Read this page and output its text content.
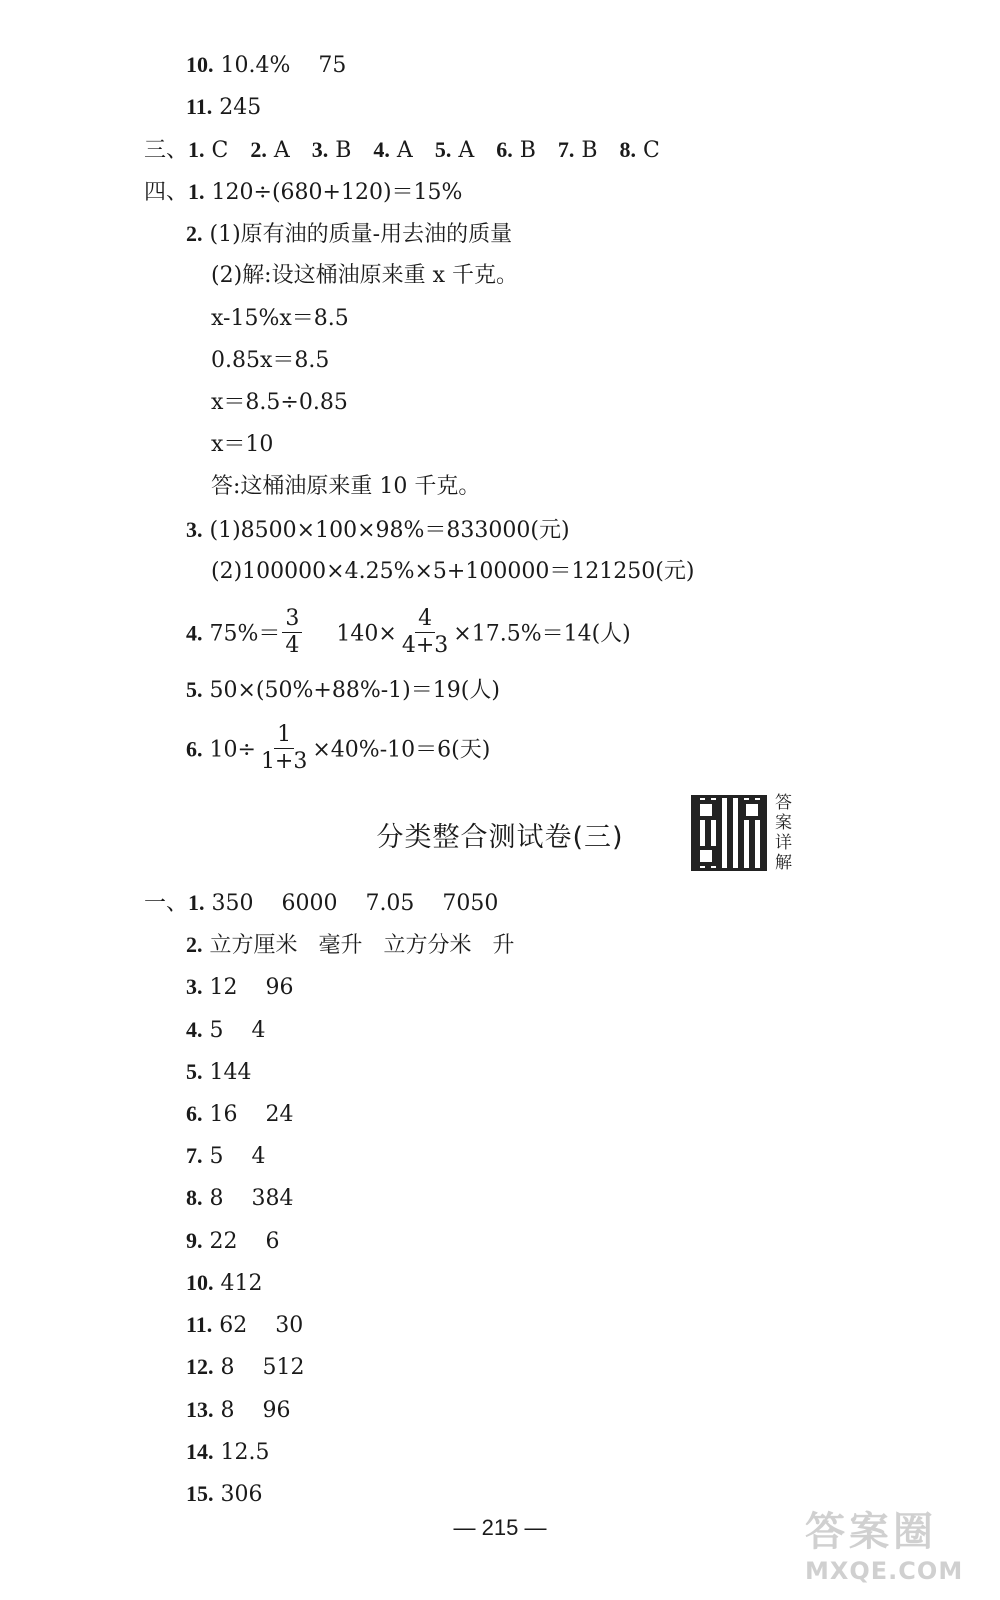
10. 10.4%    75
11. 245
三、1. C 2. A 3. B 4. A 5. A 6. B 7. B 8. C
四、1. 120÷(680+120)＝15%
2. (1)原有油的质量-用去油的质量
(2)解:设这桶油原来重 x 千克。
x-15%x＝8.5
0.85x＝8.5
x＝8.5÷0.85
x＝10
答:这桶油原来重 10 千克。
3. (1)8500×100×98%＝833000(元)
(2)100000×4.25%×5+100000＝121250(元)
4. $75\%= \frac{3}{4} 140\times \frac{4}{4+3} \times 17.5\%=14$(人)
5. 50×(50%+88%-1)＝19(人)
6. $10\div \frac{1}{1+3} \times 40\%-10=6$(天)
分类整合测试卷(三)
答案详解
一、1. 350    6000    7.05    7050
2. 立方厘米   毫升   立方分米   升
3. 12    96
4. 5    4
5. 144
6. 16    24
7. 5    4
8. 8    384
9. 22    6
10. 412
11. 62    30
12. 8    512
13. 8    96
14. 12.5
15. 306
— 215 —	答案圈
MXQE.COM
